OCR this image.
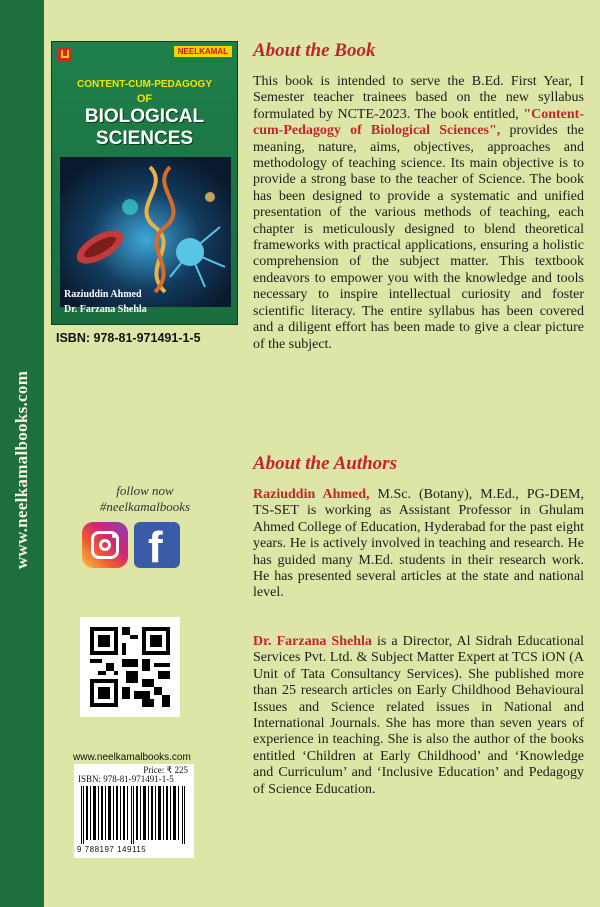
www.neelkamalbooks.com
NEELKAMAL
CONTENT-CUM-PEDAGOGY
OF
BIOLOGICAL
SCIENCES
Raziuddin Ahmed
Dr. Farzana Shehla
ISBN: 978-81-971491-1-5
follow now
#neelkamalbooks
f
www.neelkamalbooks.com
Price: ₹ 225
ISBN: 978-81-971491-1-5
9 788197 149115
About the Book
This book is intended to serve the B.Ed. First Year, I Semester teacher trainees based on the new syllabus formulated by NCTE-2023. The book entitled, "Content-cum-Pedagogy of Biological Sciences", provides the meaning, nature, aims, objectives, approaches and methodology of teaching science. Its main objective is to provide a strong base to the teacher of Science. The book has been designed to provide a systematic and unified presentation of the various methods of teaching, each chapter is meticulously designed to blend theoretical frameworks with practical applications, ensuring a holistic comprehension of the subject matter. This textbook endeavors to empower you with the knowledge and tools necessary to inspire intellectual curiosity and foster scientific literacy. The entire syllabus has been covered and a diligent effort has been made to give a clear picture of the subject.
About the Authors
Raziuddin Ahmed, M.Sc. (Botany), M.Ed., PG-DEM, TS-SET is working as Assistant Professor in Ghulam Ahmed College of Education, Hyderabad for the past eight years. He is actively involved in teaching and research. He has guided many M.Ed. students in their research work. He has presented several articles at the state and national level.
Dr. Farzana Shehla is a Director, Al Sidrah Educational Services Pvt. Ltd. & Subject Matter Expert at TCS iON (A Unit of Tata Consultancy Services). She published more than 25 research articles on Early Childhood Behavioural Issues and Science related issues in National and International Journals. She has more than seven years of experience in teaching. She is also the author of the books entitled ‘Children at Early Childhood’ and ‘Knowledge and Curriculum’ and ‘Inclusive Education’ and Pedagogy of Science Education.
